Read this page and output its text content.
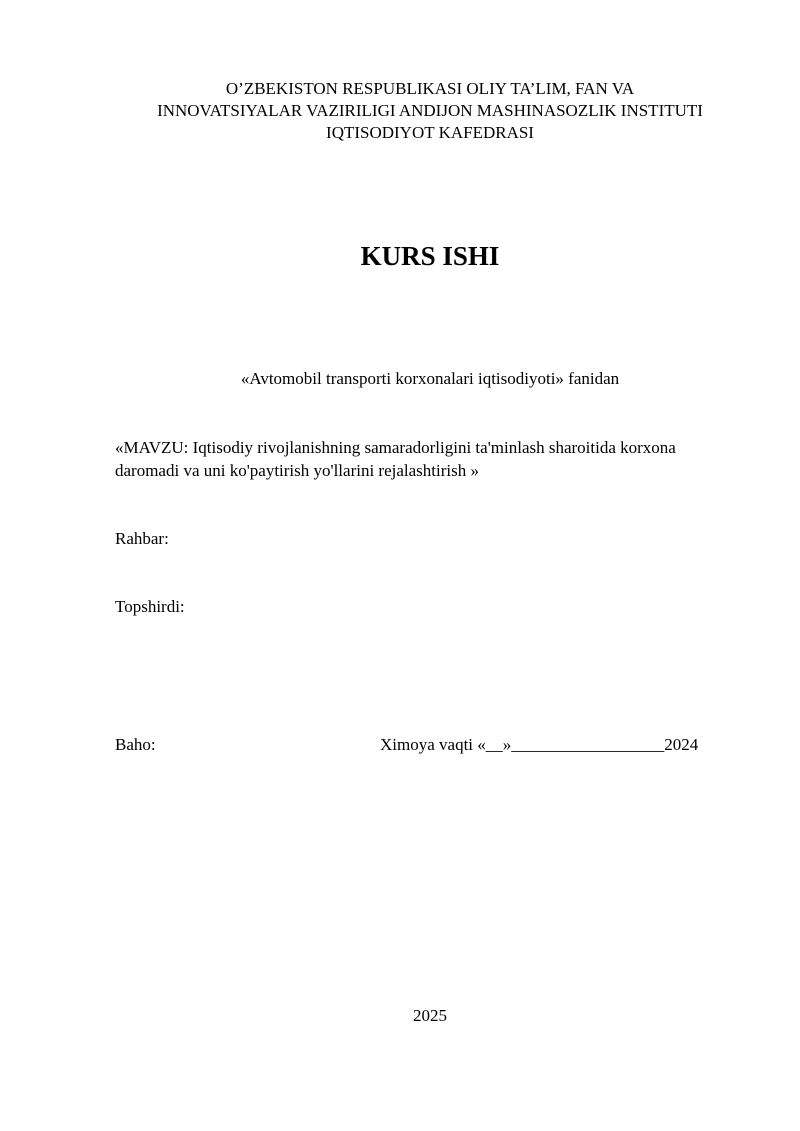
O’ZBEKISTON RESPUBLIKASI OLIY TA’LIM, FAN VA
INNOVATSIYALAR VAZIRILIGI ANDIJON MASHINASOZLIK INSTITUTI
IQTISODIYOT KAFEDRASI
KURS ISHI
«Avtomobil transporti korxonalari iqtisodiyoti» fanidan
«MAVZU: Iqtisodiy rivojlanishning samaradorligini ta'minlash sharoitida korxona
daromadi va uni ko'paytirish yo'llarini rejalashtirish »
Rahbar:
Topshirdi:
Baho:	Ximoya vaqti «__»__________________2024
2025
